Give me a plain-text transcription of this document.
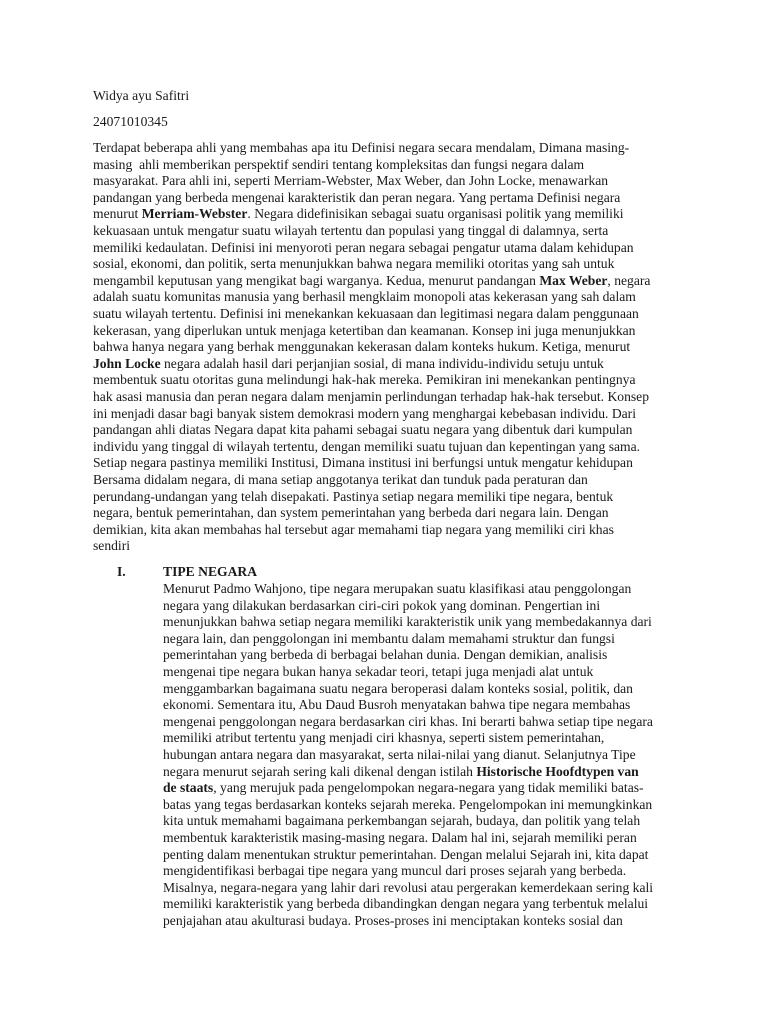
Widya ayu Safitri
24071010345
Terdapat beberapa ahli yang membahas apa itu Definisi negara secara mendalam, Dimana masing-
masing  ahli memberikan perspektif sendiri tentang kompleksitas dan fungsi negara dalam
masyarakat. Para ahli ini, seperti Merriam-Webster, Max Weber, dan John Locke, menawarkan
pandangan yang berbeda mengenai karakteristik dan peran negara. Yang pertama Definisi negara
menurut Merriam-Webster. Negara didefinisikan sebagai suatu organisasi politik yang memiliki
kekuasaan untuk mengatur suatu wilayah tertentu dan populasi yang tinggal di dalamnya, serta
memiliki kedaulatan. Definisi ini menyoroti peran negara sebagai pengatur utama dalam kehidupan
sosial, ekonomi, dan politik, serta menunjukkan bahwa negara memiliki otoritas yang sah untuk
mengambil keputusan yang mengikat bagi warganya. Kedua, menurut pandangan Max Weber, negara
adalah suatu komunitas manusia yang berhasil mengklaim monopoli atas kekerasan yang sah dalam
suatu wilayah tertentu. Definisi ini menekankan kekuasaan dan legitimasi negara dalam penggunaan
kekerasan, yang diperlukan untuk menjaga ketertiban dan keamanan. Konsep ini juga menunjukkan
bahwa hanya negara yang berhak menggunakan kekerasan dalam konteks hukum. Ketiga, menurut
John Locke negara adalah hasil dari perjanjian sosial, di mana individu-individu setuju untuk
membentuk suatu otoritas guna melindungi hak-hak mereka. Pemikiran ini menekankan pentingnya
hak asasi manusia dan peran negara dalam menjamin perlindungan terhadap hak-hak tersebut. Konsep
ini menjadi dasar bagi banyak sistem demokrasi modern yang menghargai kebebasan individu. Dari
pandangan ahli diatas Negara dapat kita pahami sebagai suatu negara yang dibentuk dari kumpulan
individu yang tinggal di wilayah tertentu, dengan memiliki suatu tujuan dan kepentingan yang sama.
Setiap negara pastinya memiliki Institusi, Dimana institusi ini berfungsi untuk mengatur kehidupan
Bersama didalam negara, di mana setiap anggotanya terikat dan tunduk pada peraturan dan
perundang-undangan yang telah disepakati. Pastinya setiap negara memiliki tipe negara, bentuk
negara, bentuk pemerintahan, dan system pemerintahan yang berbeda dari negara lain. Dengan
demikian, kita akan membahas hal tersebut agar memahami tiap negara yang memiliki ciri khas
sendiri
I.	TIPE NEGARA
Menurut Padmo Wahjono, tipe negara merupakan suatu klasifikasi atau penggolongan
negara yang dilakukan berdasarkan ciri-ciri pokok yang dominan. Pengertian ini
menunjukkan bahwa setiap negara memiliki karakteristik unik yang membedakannya dari
negara lain, dan penggolongan ini membantu dalam memahami struktur dan fungsi
pemerintahan yang berbeda di berbagai belahan dunia. Dengan demikian, analisis
mengenai tipe negara bukan hanya sekadar teori, tetapi juga menjadi alat untuk
menggambarkan bagaimana suatu negara beroperasi dalam konteks sosial, politik, dan
ekonomi. Sementara itu, Abu Daud Busroh menyatakan bahwa tipe negara membahas
mengenai penggolongan negara berdasarkan ciri khas. Ini berarti bahwa setiap tipe negara
memiliki atribut tertentu yang menjadi ciri khasnya, seperti sistem pemerintahan,
hubungan antara negara dan masyarakat, serta nilai-nilai yang dianut. Selanjutnya Tipe
negara menurut sejarah sering kali dikenal dengan istilah Historische Hoofdtypen van
de staats, yang merujuk pada pengelompokan negara-negara yang tidak memiliki batas-
batas yang tegas berdasarkan konteks sejarah mereka. Pengelompokan ini memungkinkan
kita untuk memahami bagaimana perkembangan sejarah, budaya, dan politik yang telah
membentuk karakteristik masing-masing negara. Dalam hal ini, sejarah memiliki peran
penting dalam menentukan struktur pemerintahan. Dengan melalui Sejarah ini, kita dapat
mengidentifikasi berbagai tipe negara yang muncul dari proses sejarah yang berbeda.
Misalnya, negara-negara yang lahir dari revolusi atau pergerakan kemerdekaan sering kali
memiliki karakteristik yang berbeda dibandingkan dengan negara yang terbentuk melalui
penjajahan atau akulturasi budaya. Proses-proses ini menciptakan konteks sosial dan
